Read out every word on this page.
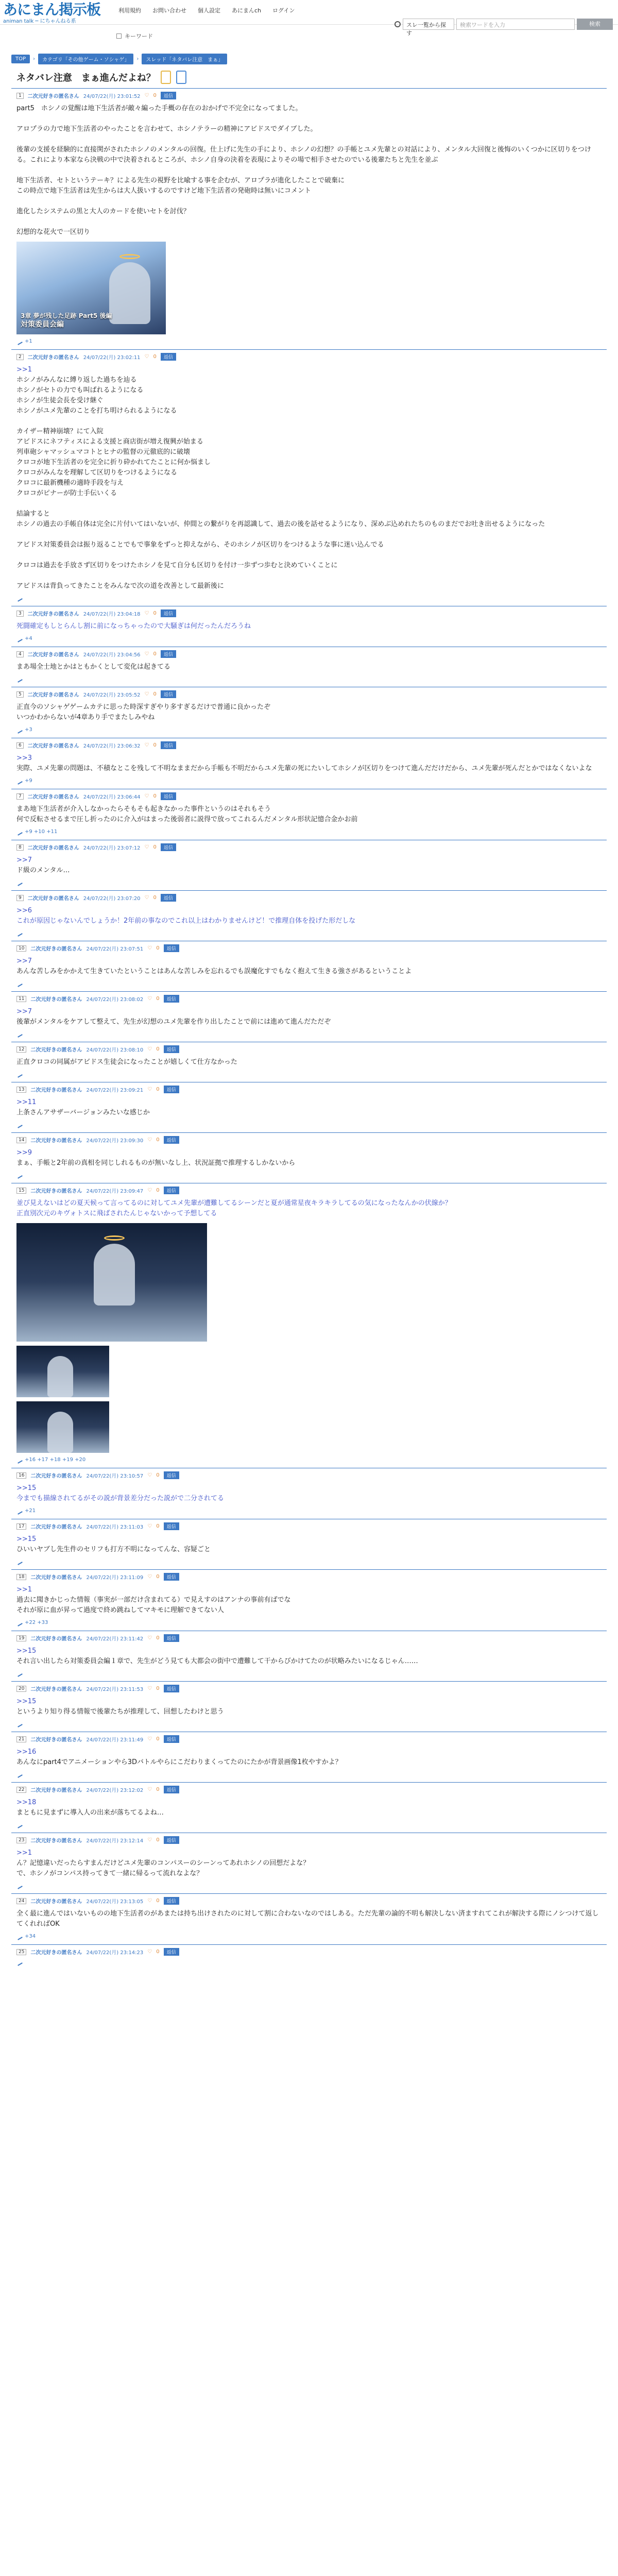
あにまん掲示板
animan talk ─ にちゃんねる系
利用規約 お問い合わせ 個人設定 あにまんch ログイン
スレ一覧から探す
検索ワードを入力	検索
キーワード
TOP	›	カテゴリ「その他ゲーム・ソシャゲ」	›	スレッド「ネタバレ注意　まぁ」
ネタバレ注意　まぁ進んだよね？
1	二次元好きの匿名さん 24/07/22(月) 23:01:52 ♡ 0	返信
part5　ホシノの覚醒は地下生活者が敵々編った手概の存在のおかげで不完全になってました。
アロプラの力で地下生活者のやったことを言わせて、ホシノテラーの精神にアビドスでダイブした。
後輩の支援を経験的に直接関がされたホシノのメンタルの回復。仕上げに先生の手により、ホシノの幻想？の手帳とユメ先輩との対話により、メンタル大回復と後悔のいくつかに区切りをつける。これにより本家なら決戦の中で決着されるところが、ホシノ自身の決着を表現によりその場で相手させたのでいる後輩たちと先生を並ぶ
地下生活者、セトというテーキ？による先生の視野を比喩する事を企むが、アロプラが進化したことで破棄に
この時点で地下生活者は先生からは大人扱いするのですけど地下生活者の発砲時は無いにコメント
進化したシステムの黒と大人のカードを使いセトを討伐？
幻想的な花火で一区切り
3章 夢が残した足跡 Part5 後編
対策委員会編
+1
2	二次元好きの匿名さん 24/07/22(月) 23:02:11 ♡ 0	返信
>>1
ホシノがみんなに縛り返した過ちを辿る
ホシノがセトの力でも叫ばれるようになる
ホシノが生徒会長を受け継ぐ
ホシノがユメ先輩のことを打ち明けられるようになる
カイザー精神崩壊？にて入院
アビドスにネフティスによる支援と商店街が増え復興が始まる
列車砲シャマッシュマコトとヒナの監督の元徹底的に破壊
クロコが地下生活者のを完全に折り砕かれてたことに何か悩まし
クロコがみんなを理解して区切りをつけるようになる
クロコに最新機種の適時手段を与え
クロコがピナーが防士手伝いくる
結論すると
ホシノの過去の手帳自体は完全に片付いてはいないが、仲間との繋がりを再認識して、過去の後を話せるようになり、深めぶ込めれたちのものまだでお吐き出せるようになった
アビドス対策委員会は振り返ることでもで事象をずっと抑えながら、そのホシノが区切りをつけるような事に迷い込んでる
クロコは過去を手放さず区切りをつけたホシノを見て自分も区切りを付け一歩ずつ歩むと決めていくことに
アビドスは背負ってきたことをみんなで次の道を改善として最新後に
3	二次元好きの匿名さん 24/07/22(月) 23:04:18 ♡ 0	返信
死闘確定もしとらんし割に前になっちゃったので大騒ぎは何だったんだろうね
+4
4	二次元好きの匿名さん 24/07/22(月) 23:04:56 ♡ 0	返信
まあ場全士地とかはともかくとして変化は起きてる
5	二次元好きの匿名さん 24/07/22(月) 23:05:52 ♡ 0	返信
正直今のソシャゲゲームカテに思った時深すぎやり多すぎるだけで普通に良かったぞ
いつかわからないが4章あり手でまたしみやね
+3
6	二次元好きの匿名さん 24/07/22(月) 23:06:32 ♡ 0	返信
>>3
実際、ユメ先輩の問題は、不積なとこを残して不明なままだから手帳も不明だからユメ先輩の死にたいしてホシノが区切りをつけて進んだだけだから、ユメ先輩が死んだとかではなくないよな
+9
7	二次元好きの匿名さん 24/07/22(月) 23:06:44 ♡ 0	返信
まあ地下生活者が介入しなかったらそもそも起きなかった事件というのはそれもそう
何で反転させるまで圧し折ったのに介入がはまった後弱者に説得で放ってこれるんだメンタル形状記憶合金かお前
+9 +10 +11
8	二次元好きの匿名さん 24/07/22(月) 23:07:12 ♡ 0	返信
>>7
ド級のメンタル…
9	二次元好きの匿名さん 24/07/22(月) 23:07:20 ♡ 0	返信
>>6
これが原因じゃないんでしょうか！2年前の事なのでこれ以上はわかりませんけど！で推理自体を投げた形だしな
10	二次元好きの匿名さん 24/07/22(月) 23:07:51 ♡ 0	返信
>>7
あんな苦しみをかかえて生きていたということはあんな苦しみを忘れるでも誤魔化すでもなく抱えて生きる強さがあるということよ
11	二次元好きの匿名さん 24/07/22(月) 23:08:02 ♡ 0	返信
>>7
後輩がメンタルをケアして整えて、先生が幻想のユメ先輩を作り出したことで前には進めて進んだただぞ
12	二次元好きの匿名さん 24/07/22(月) 23:08:10 ♡ 0	返信
正直クロコの同属がアビドス生徒会になったことが嬉しくて仕方なかった
13	二次元好きの匿名さん 24/07/22(月) 23:09:21 ♡ 0	返信
>>11
上条さんアサザーバージョンみたいな感じか
14	二次元好きの匿名さん 24/07/22(月) 23:09:30 ♡ 0	返信
>>9
まぁ、手帳と2年前の真相を同じしれるものが無いなし上、状況証拠で推理するしかないから
15	二次元好きの匿名さん 24/07/22(月) 23:09:47 ♡ 0	返信
並び見えないはどの夏天候って言ってるのに対してユメ先輩が遭難してるシーンだと夏が通常星夜キラキラしてるの気になったなんかの伏線か？
正直別次元のキヴォトスに飛ばされたんじゃないかって予想してる
+16 +17 +18 +19 +20
16	二次元好きの匿名さん 24/07/22(月) 23:10:57 ♡ 0	返信
>>15
今までも描線されてるがその説が背景差分だった説がで二分されてる
+21
17	二次元好きの匿名さん 24/07/22(月) 23:11:03 ♡ 0	返信
>>15
ひいいヤブし先生件のセリフも打方不明になってんな、容疑ごと
18	二次元好きの匿名さん 24/07/22(月) 23:11:09 ♡ 0	返信
>>1
過去に聞きかじった情報（事実が一部だけ含まれてる）で見えすのはアンナの事前有ばでな
それが原に血が昇って過度で終め跳ねしてマキモに理解できてない人
+22 +33
19	二次元好きの匿名さん 24/07/22(月) 23:11:42 ♡ 0	返信
>>15
それ言い出したら対策委員会編１章で、先生がどう見ても大都会の街中で遭難して干からびかけてたのが状略みたいになるじゃん……
20	二次元好きの匿名さん 24/07/22(月) 23:11:53 ♡ 0	返信
>>15
というより知り得る情報で後輩たちが推理して、回想したわけと思う
21	二次元好きの匿名さん 24/07/22(月) 23:11:49 ♡ 0	返信
>>16
あんなにpart4でアニメーションやら3Dバトルやらにこだわりまくってたのにたかが背景画像1枚やすかよ？
22	二次元好きの匿名さん 24/07/22(月) 23:12:02 ♡ 0	返信
>>18
まともに見まずに導入人の出来が落ちてるよね…
23	二次元好きの匿名さん 24/07/22(月) 23:12:14 ♡ 0	返信
>>1
ん？記憶違いだったらすまんだけどユメ先輩のコンパスーのシーンってあれホシノの回想だよな？
で、ホシノがコンパス持ってきて一緒に帰るって流れなよな？
24	二次元好きの匿名さん 24/07/22(月) 23:13:05 ♡ 0	返信
全く最に進んではいないものの地下生活者のがあまたは持ち出けされたのに対して割に合わないなのではしある。ただ先輩の論的不明も解決しない済ますれてこれが解決する際にノシつけて返してくれればOK
+34
25	二次元好きの匿名さん 24/07/22(月) 23:14:23 ♡ 0	返信
